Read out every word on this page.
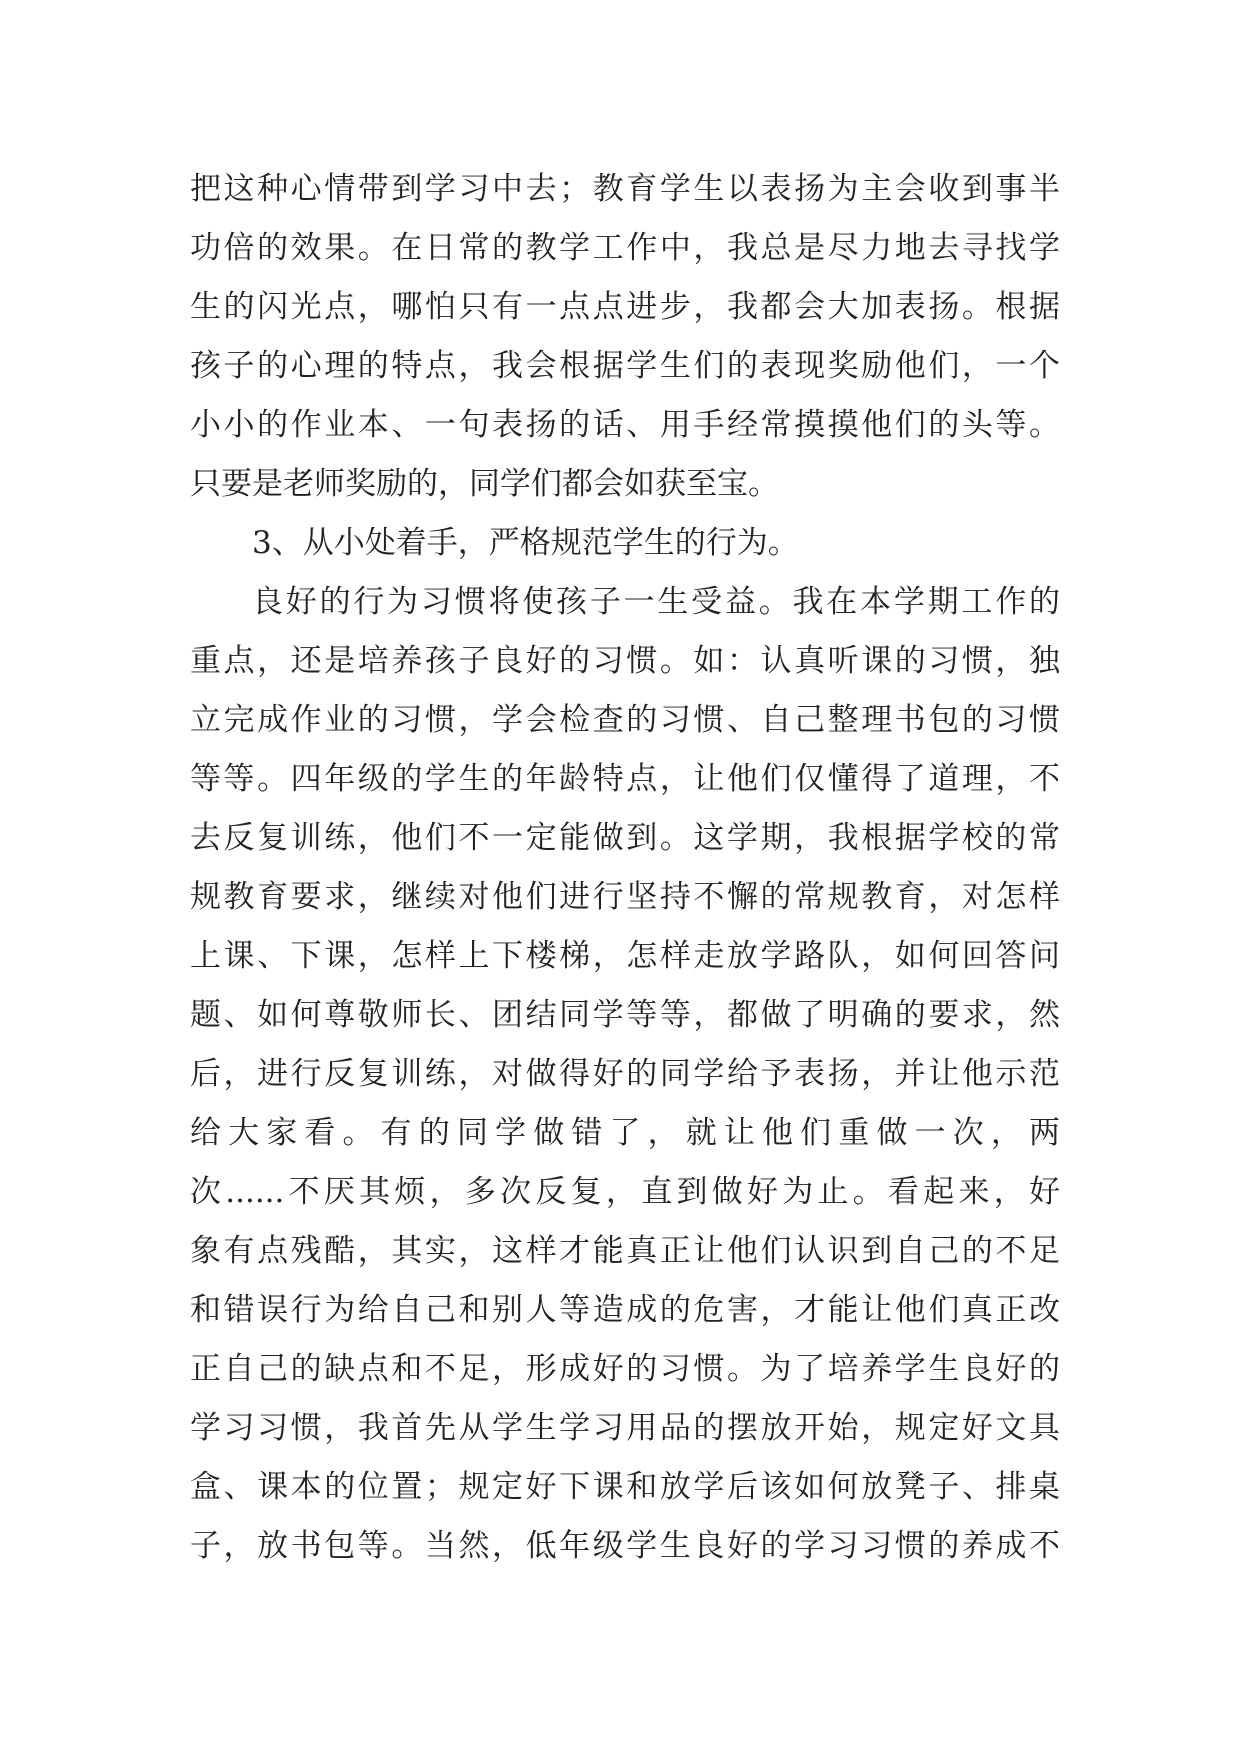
把这种心情带到学习中去；教育学生以表扬为主会收到事半
功倍的效果。在日常的教学工作中，我总是尽力地去寻找学
生的闪光点，哪怕只有一点点进步，我都会大加表扬。根据
孩子的心理的特点，我会根据学生们的表现奖励他们，一个
小小的作业本、一句表扬的话、用手经常摸摸他们的头等。
只要是老师奖励的，同学们都会如获至宝。
3、从小处着手，严格规范学生的行为。
良好的行为习惯将使孩子一生受益。我在本学期工作的
重点，还是培养孩子良好的习惯。如：认真听课的习惯，独
立完成作业的习惯，学会检查的习惯、自己整理书包的习惯
等等。四年级的学生的年龄特点，让他们仅懂得了道理，不
去反复训练，他们不一定能做到。这学期，我根据学校的常
规教育要求，继续对他们进行坚持不懈的常规教育，对怎样
上课、下课，怎样上下楼梯，怎样走放学路队，如何回答问
题、如何尊敬师长、团结同学等等，都做了明确的要求，然
后，进行反复训练，对做得好的同学给予表扬，并让他示范
给大家看。有的同学做错了，就让他们重做一次，两
次......不厌其烦，多次反复，直到做好为止。看起来，好
象有点残酷，其实，这样才能真正让他们认识到自己的不足
和错误行为给自己和别人等造成的危害，才能让他们真正改
正自己的缺点和不足，形成好的习惯。为了培养学生良好的
学习习惯，我首先从学生学习用品的摆放开始，规定好文具
盒、课本的位置；规定好下课和放学后该如何放凳子、排桌
子，放书包等。当然，低年级学生良好的学习习惯的养成不
